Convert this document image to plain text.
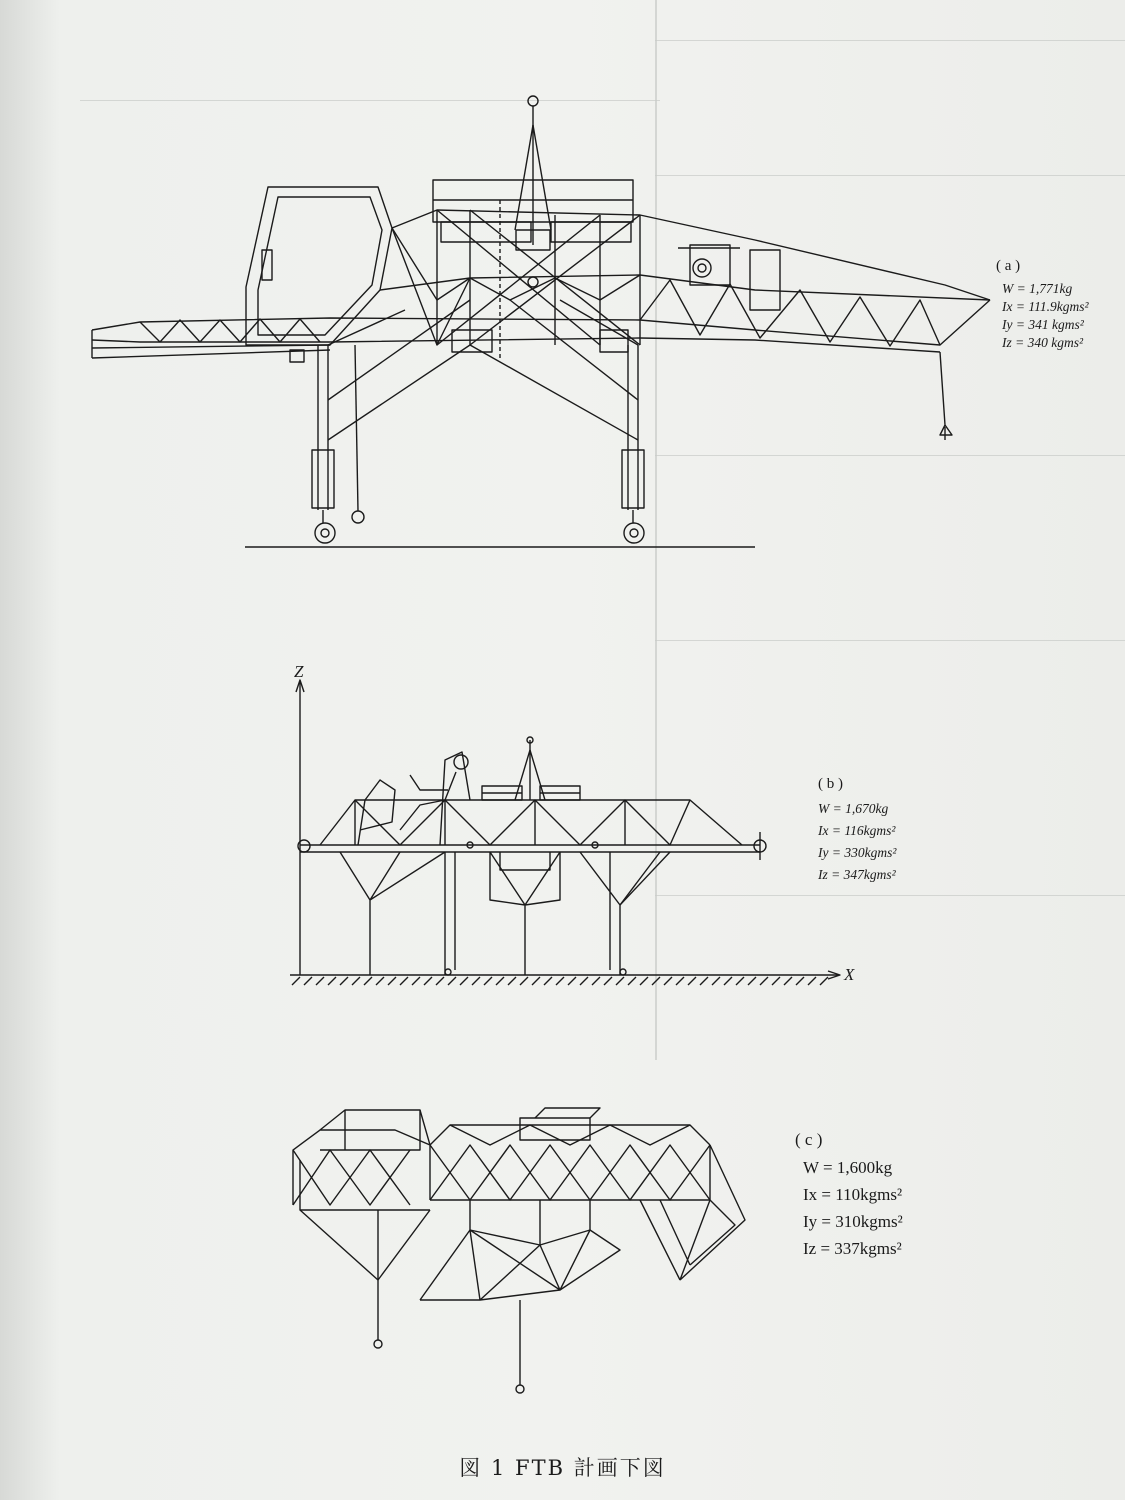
( a )
W = 1,771kg
Ix = 111.9kgms²
Iy = 341 kgms²
Iz = 340 kgms²
( b )
W = 1,670kg
Ix = 116kgms²
Iy = 330kgms²
Iz = 347kgms²
Z
X
( c )
W = 1,600kg
Ix = 110kgms²
Iy = 310kgms²
Iz = 337kgms²
図 1 FTB 計画下図
